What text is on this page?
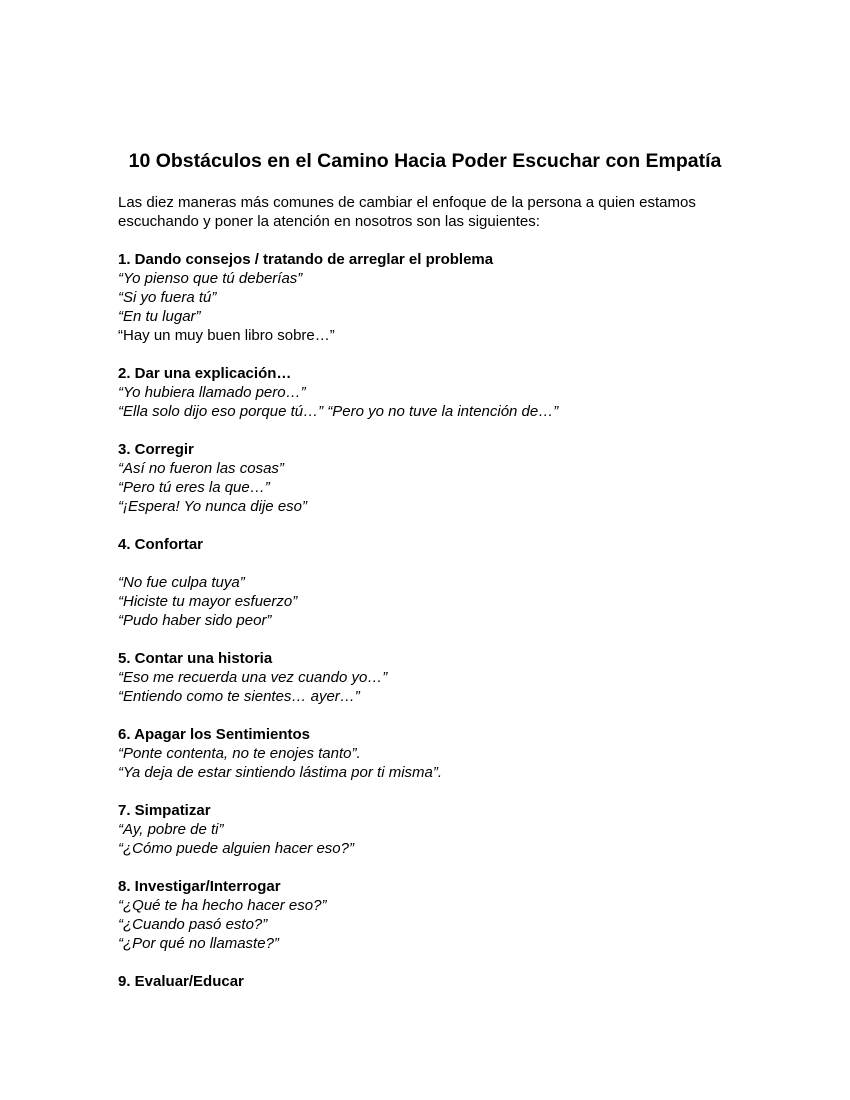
10 Obstáculos en el Camino Hacia Poder Escuchar con Empatía

Las diez maneras más comunes de cambiar el enfoque de la persona a quien estamos

escuchando y poner la atención en nosotros son las siguientes:

1. Dando consejos / tratando de arreglar el problema

“Yo pienso que tú deberías”

“Si yo fuera tú”

“En tu lugar”

“Hay un muy buen libro sobre…”

2. Dar una explicación…

“Yo hubiera llamado pero…”

“Ella solo dijo eso porque tú…” “Pero yo no tuve la intención de…”

3. Corregir

“Así no fueron las cosas”

“Pero tú eres la que…”

“¡Espera! Yo nunca dije eso”

4. Confortar

“No fue culpa tuya”

“Hiciste tu mayor esfuerzo”

“Pudo haber sido peor”

5. Contar una historia

“Eso me recuerda una vez cuando yo…”

“Entiendo como te sientes… ayer…”

6. Apagar los Sentimientos

“Ponte contenta, no te enojes tanto”.

“Ya deja de estar sintiendo lástima por ti misma”.

7. Simpatizar

“Ay, pobre de ti”

“¿Cómo puede alguien hacer eso?”

8. Investigar/Interrogar

“¿Qué te ha hecho hacer eso?”

“¿Cuando pasó esto?”

“¿Por qué no llamaste?”

9. Evaluar/Educar
